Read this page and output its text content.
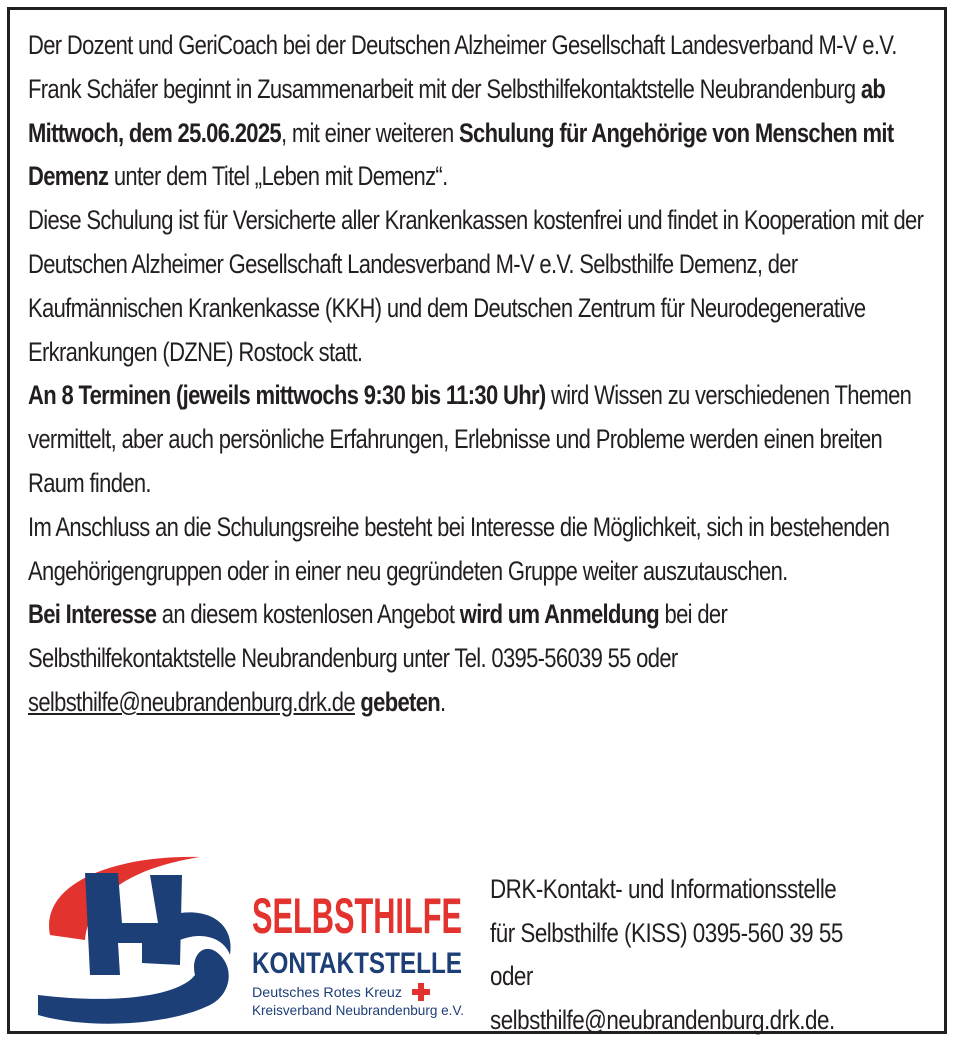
Der Dozent und GeriCoach bei der Deutschen Alzheimer Gesellschaft Landesverband M-V e.V. Frank Schäfer beginnt in Zusammenarbeit mit der Selbsthilfekontaktstelle Neubrandenburg ab Mittwoch, dem 25.06.2025, mit einer weiteren Schulung für Angehörige von Menschen mit Demenz unter dem Titel „Leben mit Demenz“.

Diese Schulung ist für Versicherte aller Krankenkassen kostenfrei und findet in Kooperation mit der Deutschen Alzheimer Gesellschaft Landesverband M-V e.V. Selbsthilfe Demenz, der Kaufmännischen Krankenkasse (KKH) und dem Deutschen Zentrum für Neurodegenerative Erkrankungen (DZNE) Rostock statt.

An 8 Terminen (jeweils mittwochs 9:30 bis 11:30 Uhr) wird Wissen zu verschiedenen Themen vermittelt, aber auch persönliche Erfahrungen, Erlebnisse und Probleme werden einen breiten Raum finden.

Im Anschluss an die Schulungsreihe besteht bei Interesse die Möglichkeit, sich in bestehenden Angehörigengruppen oder in einer neu gegründeten Gruppe weiter auszutauschen.

Bei Interesse an diesem kostenlosen Angebot wird um Anmeldung bei der Selbsthilfekontaktstelle Neubrandenburg unter Tel. 0395-56039 55 oder selbsthilfe@neubrandenburg.drk.de gebeten.

SELBSTHILFE
KONTAKTSTELLE
Deutsches Rotes Kreuz
Kreisverband Neubrandenburg e.V.
DRK-Kontakt- und Informationsstelle
für Selbsthilfe (KISS) 0395-560 39 55
oder
selbsthilfe@neubrandenburg.drk.de.
